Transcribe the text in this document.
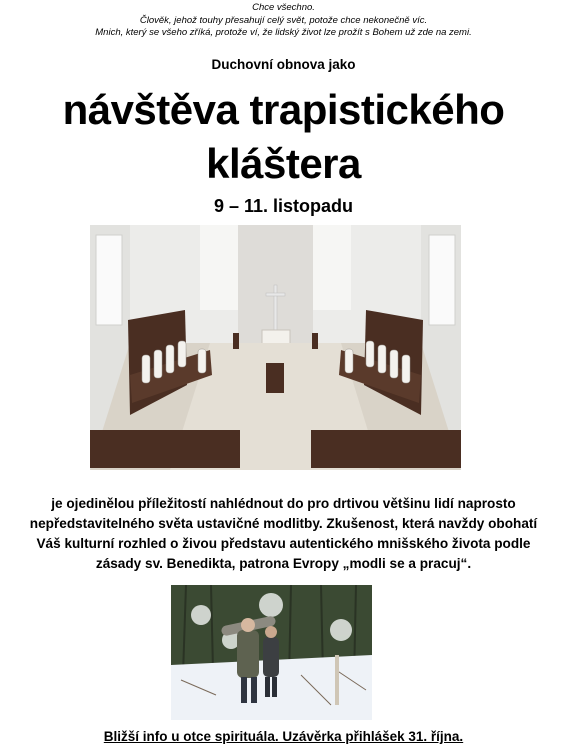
Chce všechno.
Člověk, jehož touhy přesahují celý svět, potože chce nekonečně víc.
Mnich, který se všeho zříká, protože ví, že lidský život lze prožít s Bohem už zde na zemi.
Duchovní obnova jako
návštěva trapistického
kláštera
9 – 11. listopadu
je ojedinělou příležitostí nahlédnout do pro drtivou většinu lidí naprosto
nepředstavitelného světa ustavičné modlitby. Zkušenost, která navždy obohatí
Váš kulturní rozhled o živou představu autentického mnišského života podle
zásady sv. Benedikta, patrona Evropy „modli se a pracuj“.
Bližší info u otce spirituála. Uzávěrka přihlášek 31. října.
